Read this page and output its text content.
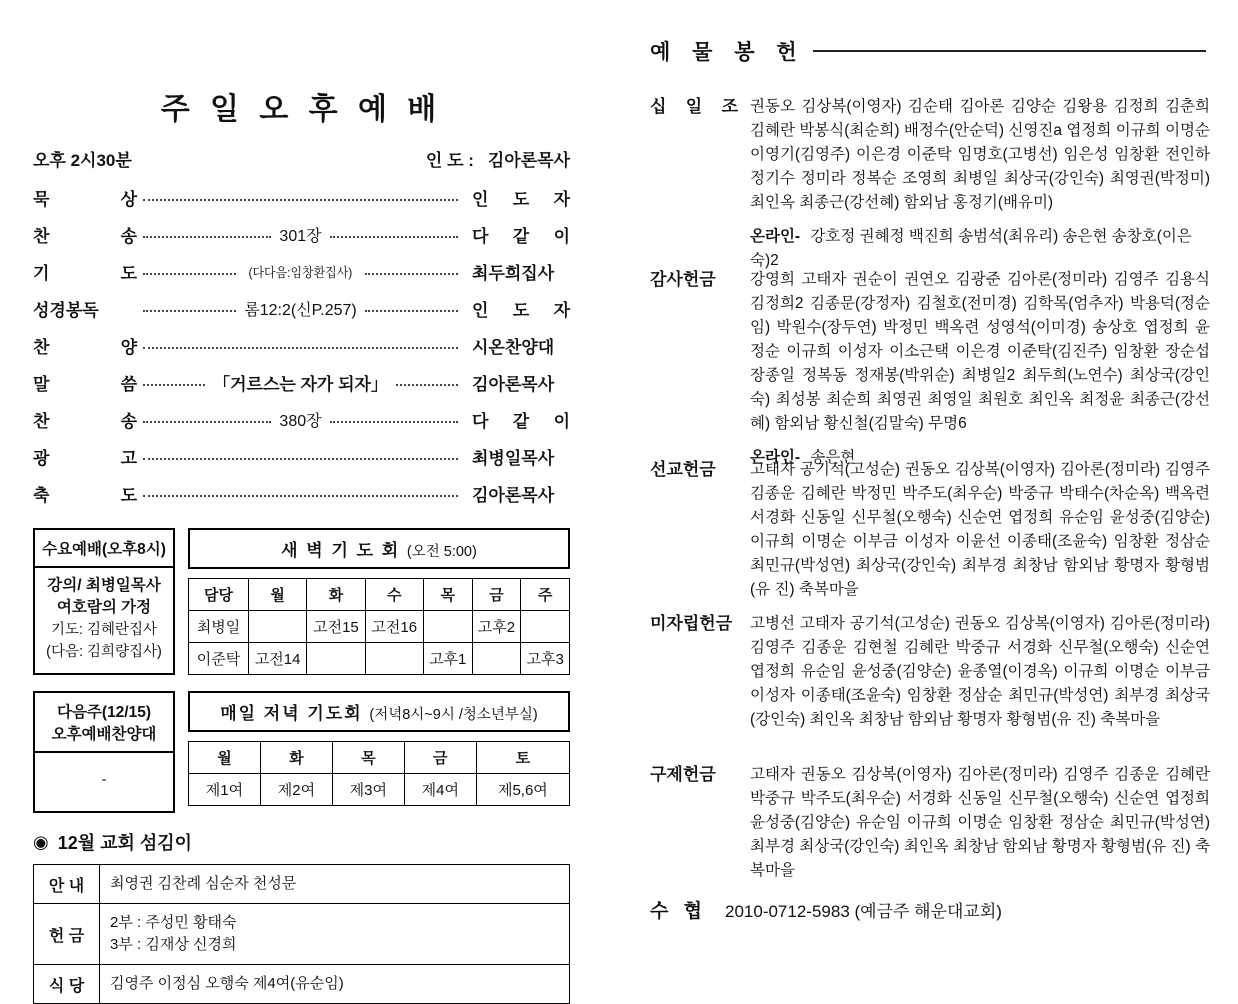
주 일 오 후 예 배
오후 2시30분	인 도 : 김아론목사
묵 상	인 도 자
찬 송	301장	다 같 이
기 도	(다다음:임창환집사)	최두희집사
성경봉독	롬12:2(신P.257)	인 도 자
찬 양	시온찬양대
말 씀	「거르스는 자가 되자」	김아론목사
찬 송	380장	다 같 이
광 고	최병일목사
축 도	김아론목사
수요예배(오후8시)
강의/ 최병일목사
여호람의 가정
기도: 김혜란집사
(다음: 김희량집사)
새 벽 기 도 회 (오전 5:00)
담당	월	화	수	목	금	주
최병일		고전15	고전16		고후2	
이준탁	고전14			고후1		고후3
다음주(12/15)
오후예배찬양대
-
매일 저녁 기도회 (저녁8시~9시 /청소년부실)
월	화	목	금	토
제1여	제2여	제3여	제4여	제5,6여
◉ 12월 교회 섬김이
안 내	최영권 김찬례 심순자 천성문

헌 금	2부 : 주성민 황태숙
3부 : 김재상 신경희

식 당	김영주 이정심 오행숙 제4여(유순임)
예 물 봉 헌
십 일 조 권동오 김상복(이영자) 김순태 김아론 김양순 김왕용 김정희 김춘희 김혜란 박봉식(최순희) 배정수(안순덕) 신영진a 엽정희 이규희 이명순 이영기(김영주) 이은경 이준탁 임명호(고병선) 임은성 임창환 전인하 정기수 정미라 정복순 조영희 최병일 최상국(강인숙) 최영권(박정미) 최인옥 최종근(강선혜) 함외남 홍정기(배유미)
온라인- 강호정 권혜정 백진희 송범석(최유리) 송은현 송창호(이은숙)2
감사헌금	강영희 고태자 권순이 권연오 김광준 김아론(정미라) 김영주 김용식 김정희2 김종문(강정자) 김철호(전미경) 김학목(엄추자) 박용덕(정순임) 박원수(장두연) 박정민 백옥련 성영석(이미경) 송상호 엽정희 윤정순 이규희 이성자 이소근택 이은경 이준탁(김진주) 임창환 장순섭 장종일 정복동 정재봉(박위순) 최병일2 최두희(노연수) 최상국(강인숙) 최성봉 최순희 최영권 최영일 최원호 최인옥 최정윤 최종근(강선혜) 함외남 황신철(김말숙) 무명6
온라인- 송은현
선교헌금	고태자 공기석(고성순) 권동오 김상복(이영자) 김아론(정미라) 김영주 김종운 김혜란 박정민 박주도(최우순) 박중규 박태수(차순옥) 백옥련 서경화 신동일 신무철(오행숙) 신순연 엽정희 유순임 윤성중(김양순) 이규희 이명순 이부금 이성자 이윤선 이종태(조윤숙) 임창환 정삼순 최민규(박성연) 최상국(강인숙) 최부경 최창남 함외남 황명자 황형범(유 진) 축복마을
미자립헌금	고병선 고태자 공기석(고성순) 권동오 김상복(이영자) 김아론(정미라) 김영주 김종운 김현철 김혜란 박중규 서경화 신무철(오행숙) 신순연 엽정희 유순임 윤성중(김양순) 윤종열(이경옥) 이규희 이명순 이부금 이성자 이종태(조윤숙) 임창환 정삼순 최민규(박성연) 최부경 최상국(강인숙) 최인옥 최창남 함외남 황명자 황형범(유 진) 축복마을
구제헌금	고태자 권동오 김상복(이영자) 김아론(정미라) 김영주 김종운 김혜란 박중규 박주도(최우순) 서경화 신동일 신무철(오행숙) 신순연 엽정희 윤성중(김양순) 유순임 이규희 이명순 임창환 정삼순 최민규(박성연) 최부경 최상국(강인숙) 최인옥 최창남 함외남 황명자 황형범(유 진) 축복마을
수 협 2010-0712-5983 (예금주 해운대교회)
